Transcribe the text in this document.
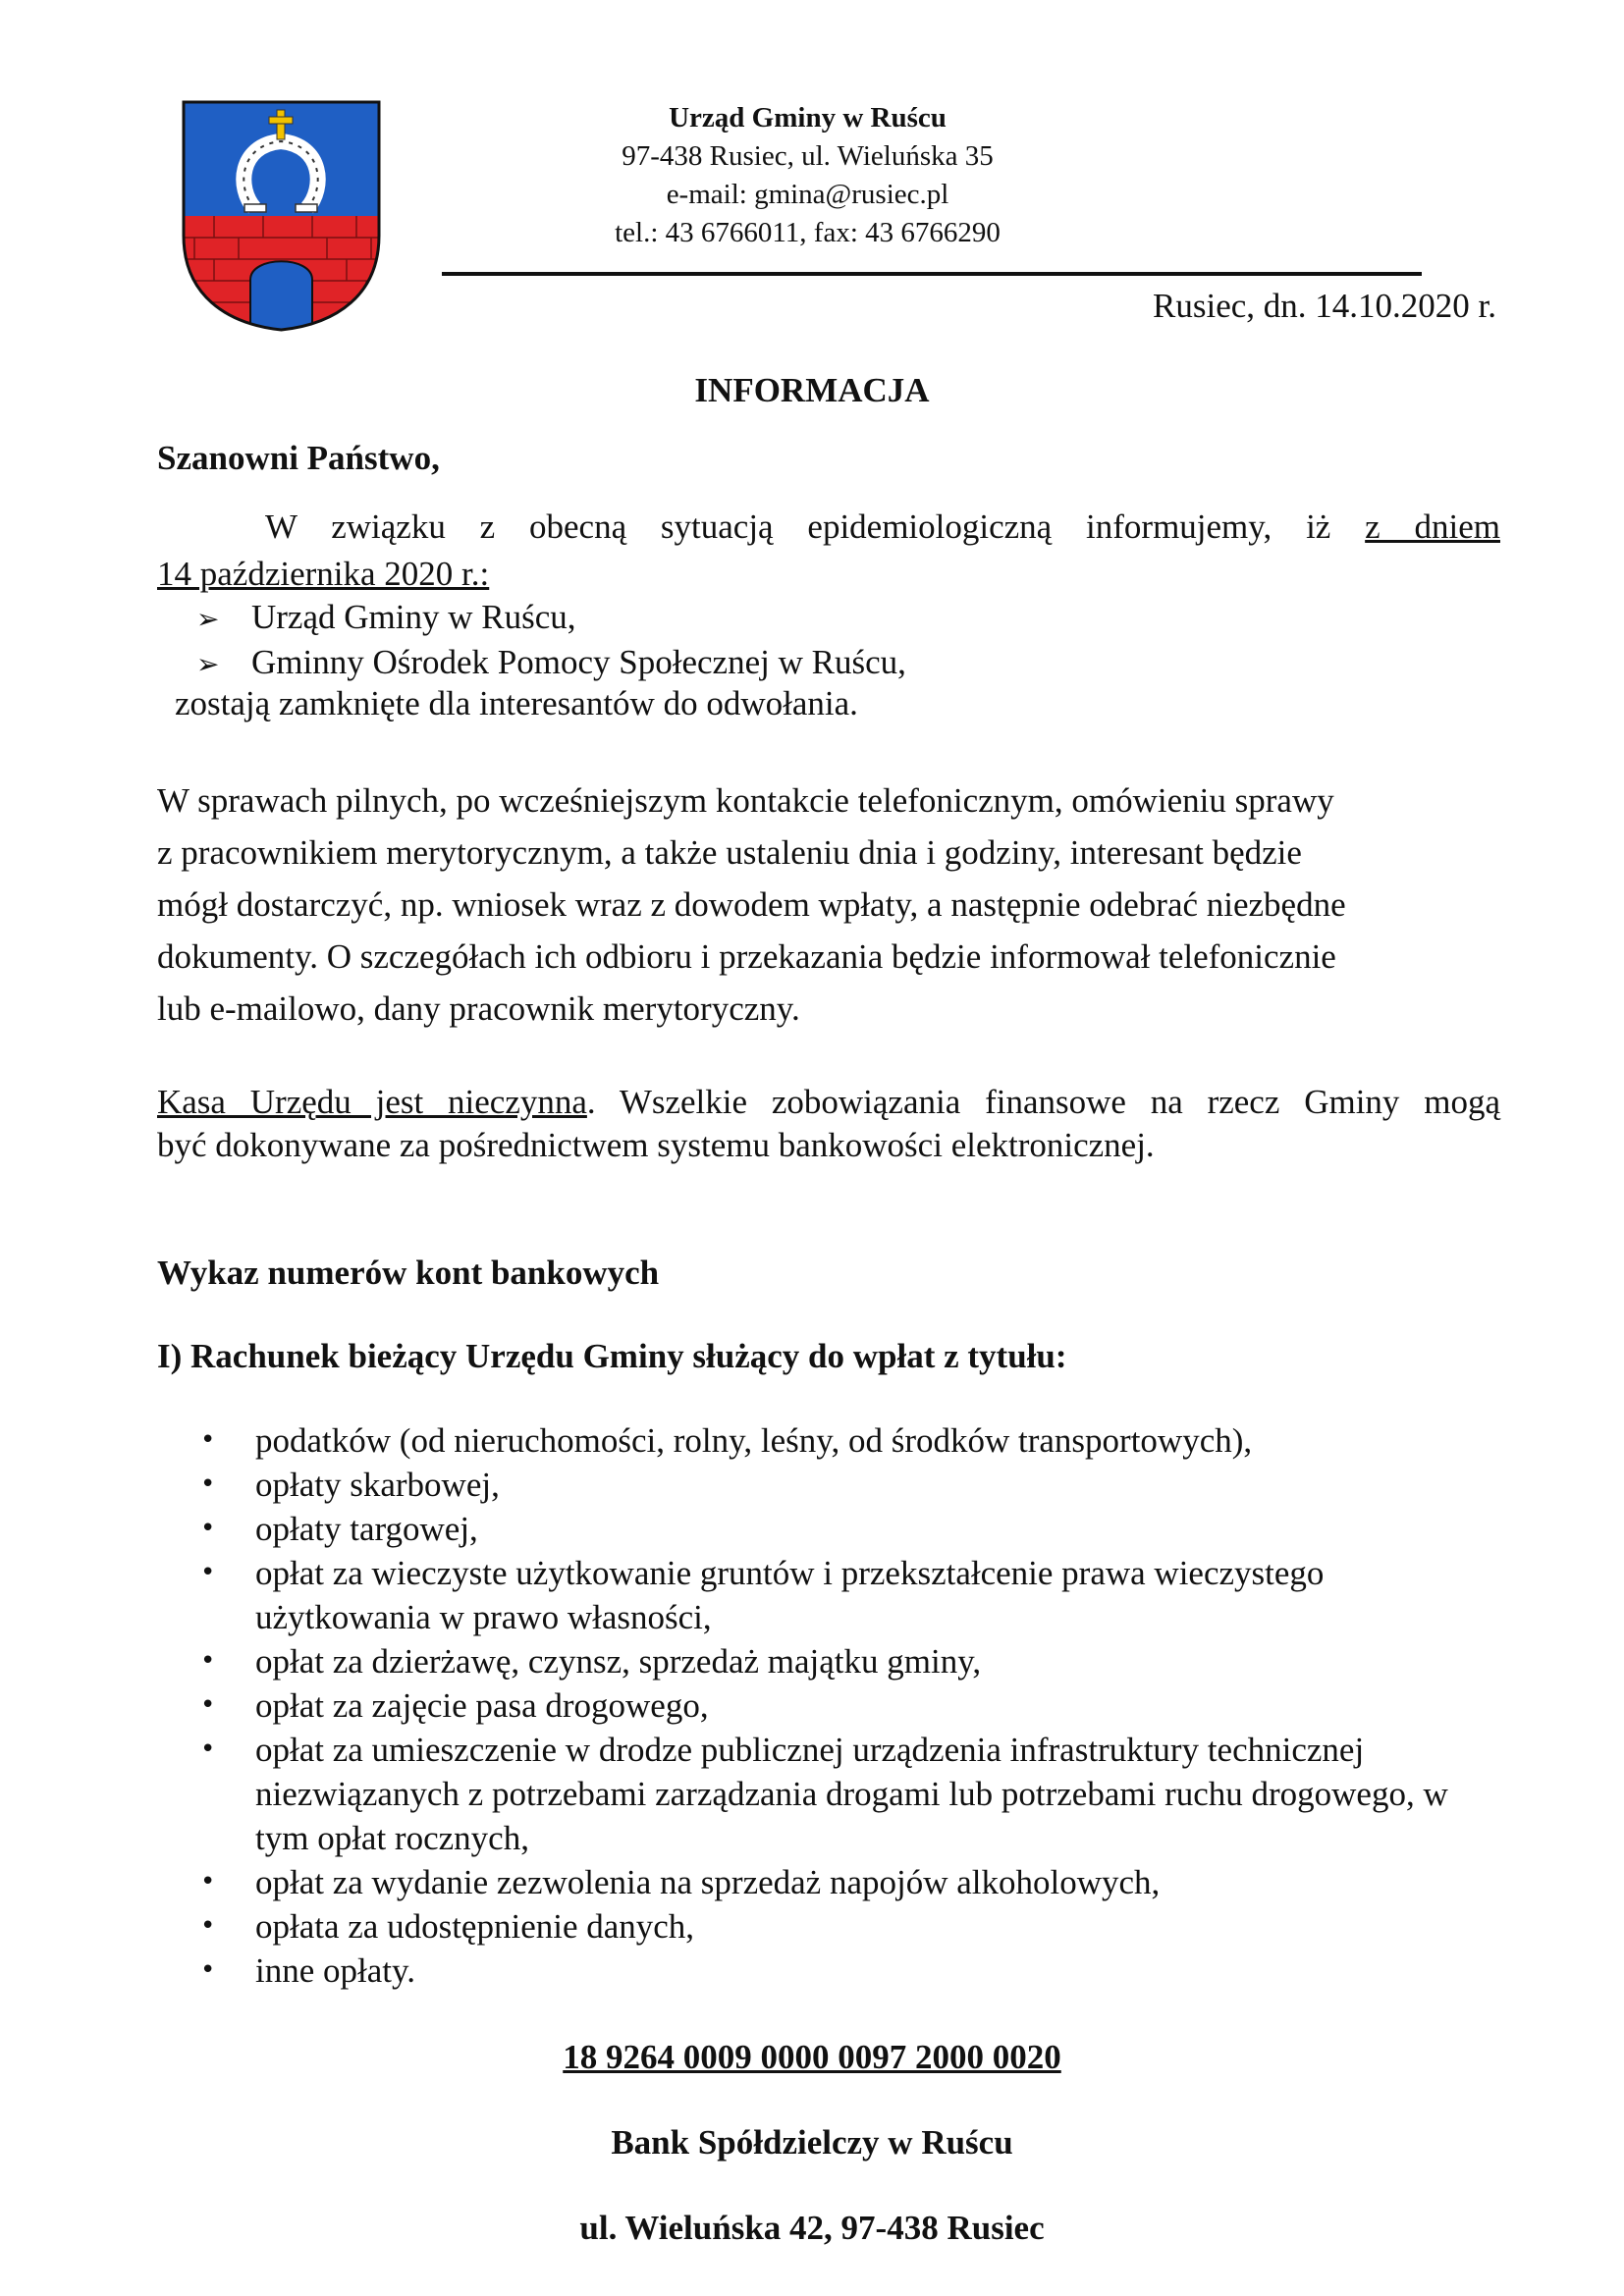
Urząd Gminy w Ruścu
97-438 Rusiec, ul. Wieluńska 35
e-mail: gmina@rusiec.pl
tel.: 43 6766011, fax: 43 6766290
Rusiec, dn. 14.10.2020 r.
INFORMACJA
Szanowni Państwo,
W związku z obecną sytuacją epidemiologiczną informujemy, iż z dniem
14 października 2020 r.:
➢ Urząd Gminy w Ruścu,
➢ Gminny Ośrodek Pomocy Społecznej w Ruścu,
zostają zamknięte dla interesantów do odwołania.
W sprawach pilnych, po wcześniejszym kontakcie telefonicznym, omówieniu sprawy
z pracownikiem merytorycznym, a także ustaleniu dnia i godziny, interesant będzie
mógł dostarczyć, np. wniosek wraz z dowodem wpłaty, a następnie odebrać niezbędne
dokumenty. O szczegółach ich odbioru i przekazania będzie informował telefonicznie
lub e-mailowo, dany pracownik merytoryczny.
Kasa Urzędu jest nieczynna. Wszelkie zobowiązania finansowe na rzecz Gminy mogą
być dokonywane za pośrednictwem systemu bankowości elektronicznej.
Wykaz numerów kont bankowych
I) Rachunek bieżący Urzędu Gminy służący do wpłat z tytułu:
•	podatków (od nieruchomości, rolny, leśny, od środków transportowych),
•	opłaty skarbowej,
•	opłaty targowej,
•	opłat za wieczyste użytkowanie gruntów i przekształcenie prawa wieczystego użytkowania w prawo własności,
•	opłat za dzierżawę, czynsz, sprzedaż majątku gminy,
•	opłat za zajęcie pasa drogowego,
•	opłat za umieszczenie w drodze publicznej urządzenia infrastruktury technicznej niezwiązanych z potrzebami zarządzania drogami lub potrzebami ruchu drogowego, w tym opłat rocznych,
•	opłat za wydanie zezwolenia na sprzedaż napojów alkoholowych,
•	opłata za udostępnienie danych,
•	inne opłaty.
18 9264 0009 0000 0097 2000 0020
Bank Spółdzielczy w Ruścu
ul. Wieluńska 42, 97-438 Rusiec
